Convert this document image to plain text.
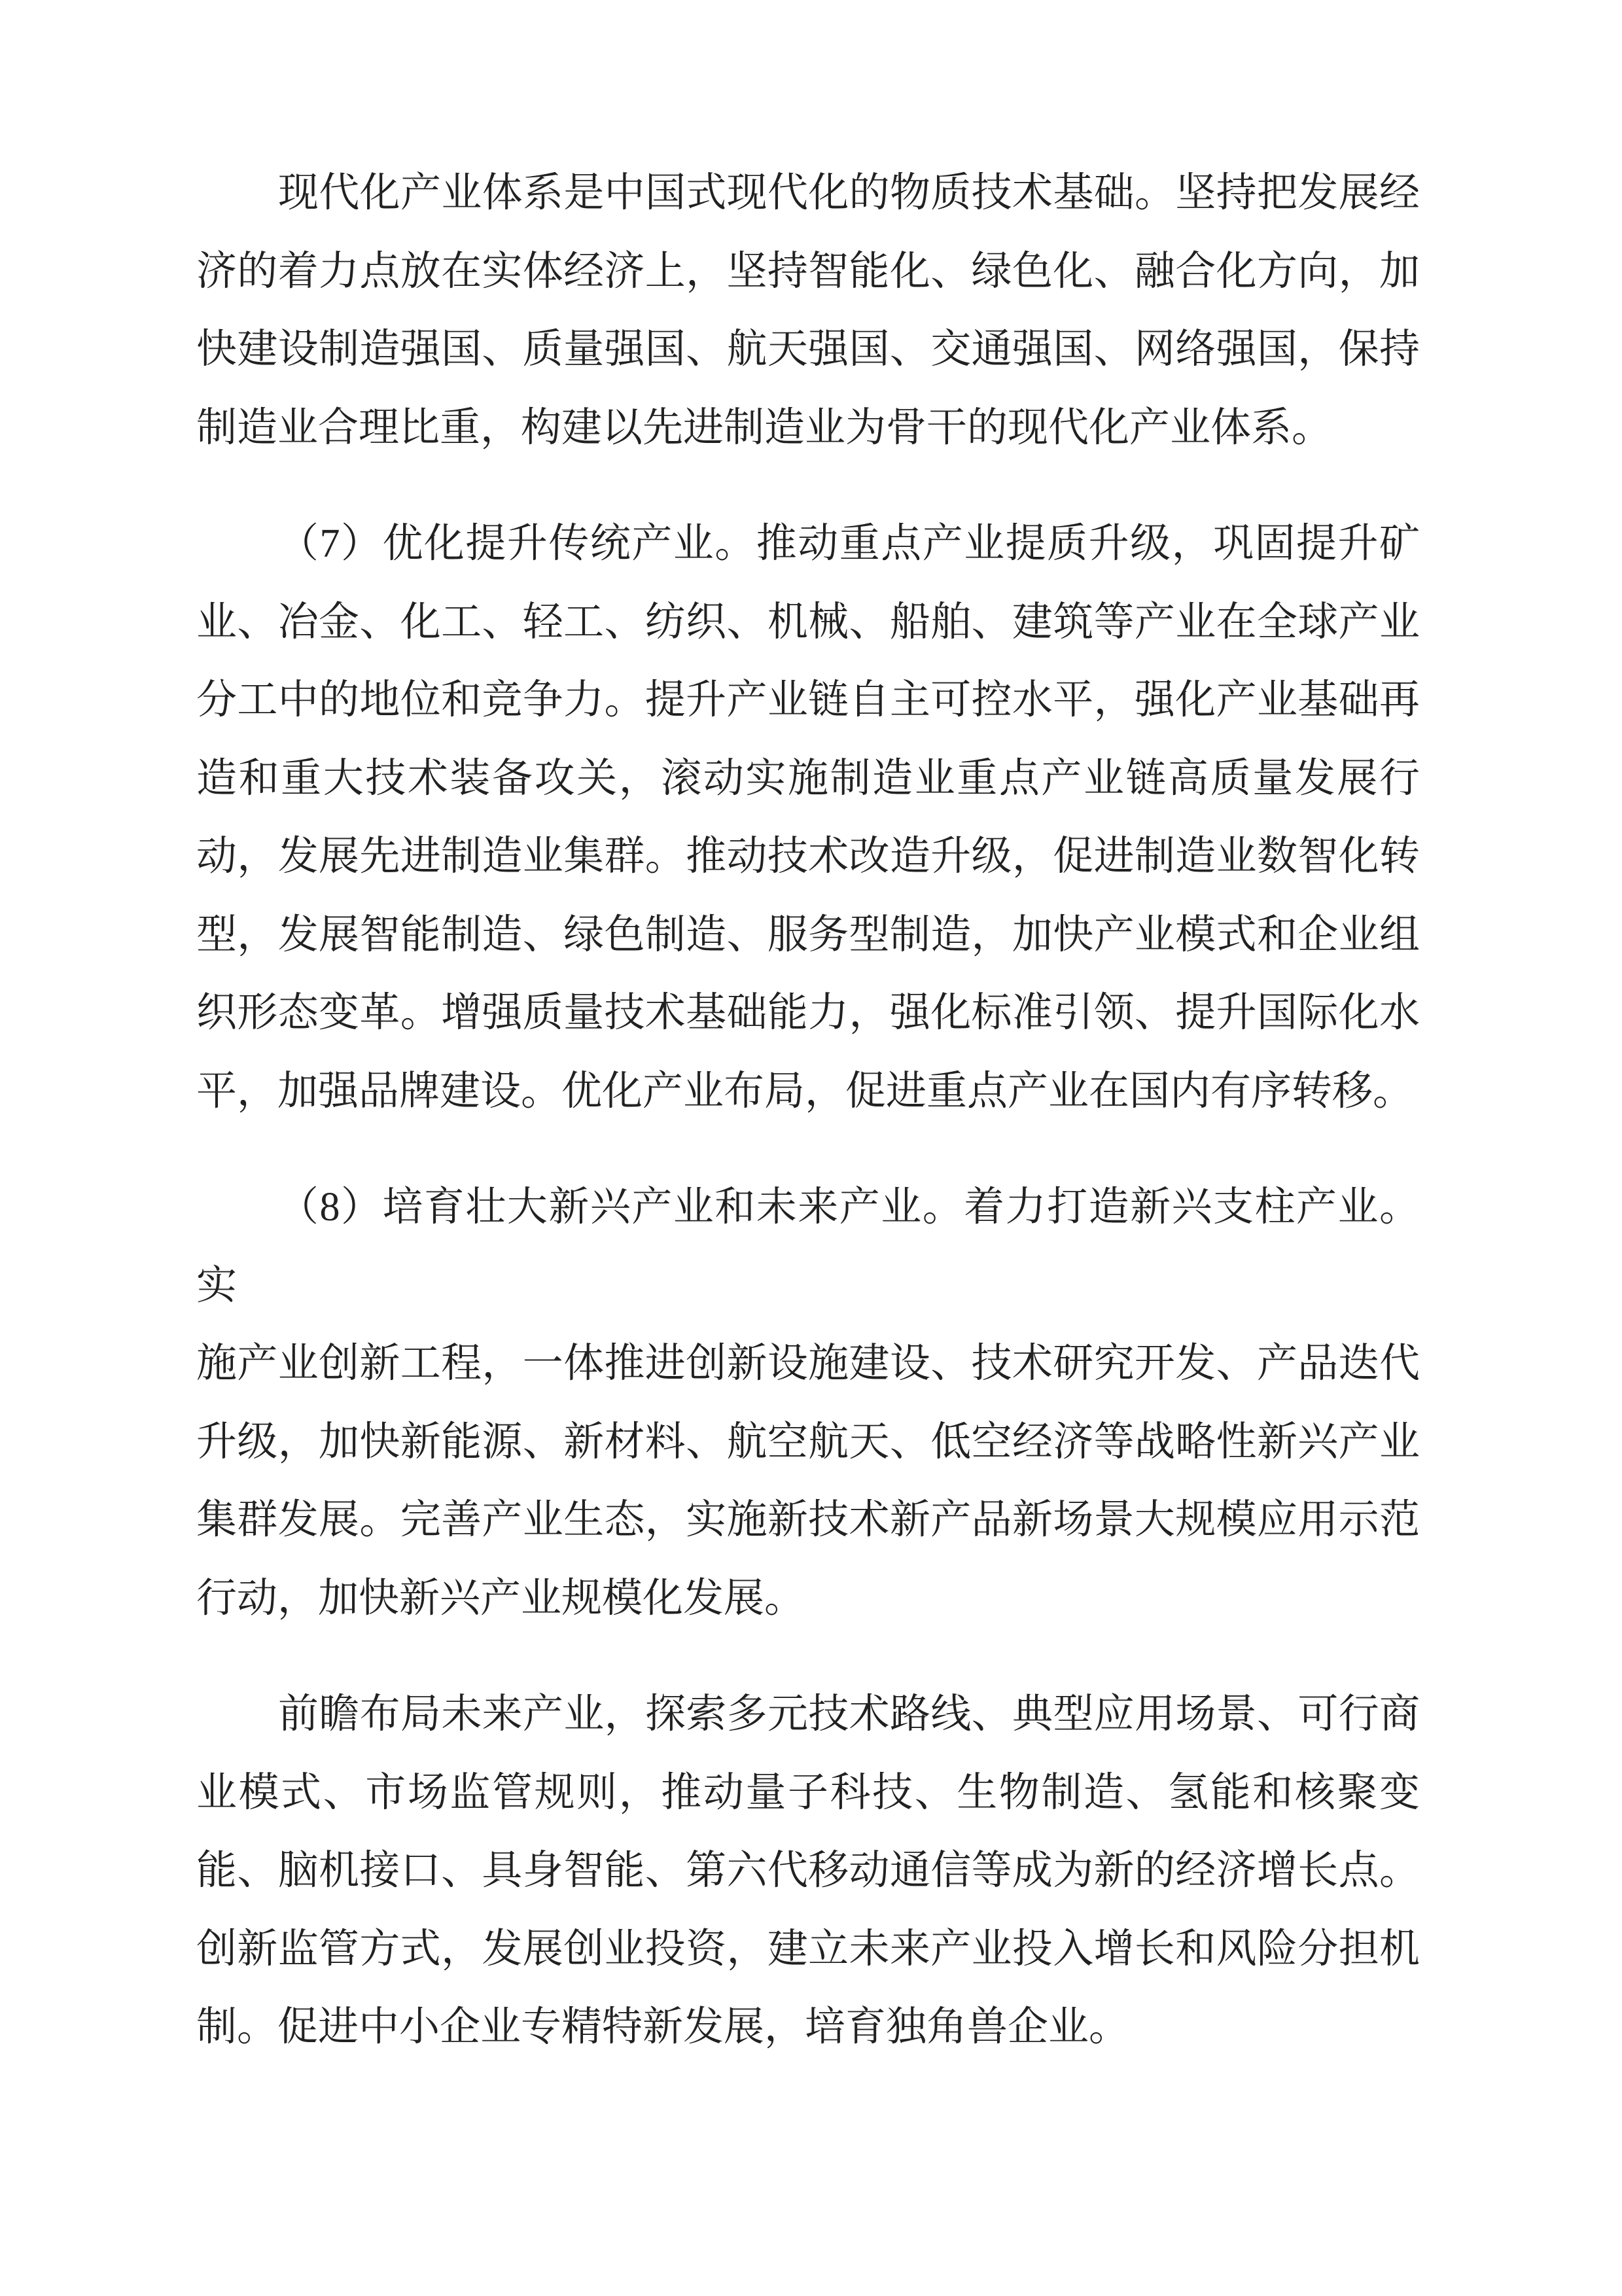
现代化产业体系是中国式现代化的物质技术基础。坚持把发展经
济的着力点放在实体经济上，坚持智能化、绿色化、融合化方向，加
快建设制造强国、质量强国、航天强国、交通强国、网络强国，保持
制造业合理比重，构建以先进制造业为骨干的现代化产业体系。
（7）优化提升传统产业。推动重点产业提质升级，巩固提升矿
业、冶金、化工、轻工、纺织、机械、船舶、建筑等产业在全球产业
分工中的地位和竞争力。提升产业链自主可控水平，强化产业基础再
造和重大技术装备攻关，滚动实施制造业重点产业链高质量发展行
动，发展先进制造业集群。推动技术改造升级，促进制造业数智化转
型，发展智能制造、绿色制造、服务型制造，加快产业模式和企业组
织形态变革。增强质量技术基础能力，强化标准引领、提升国际化水
平，加强品牌建设。优化产业布局，促进重点产业在国内有序转移。
（8）培育壮大新兴产业和未来产业。着力打造新兴支柱产业。实
施产业创新工程，一体推进创新设施建设、技术研究开发、产品迭代
升级，加快新能源、新材料、航空航天、低空经济等战略性新兴产业
集群发展。完善产业生态，实施新技术新产品新场景大规模应用示范
行动，加快新兴产业规模化发展。
前瞻布局未来产业，探索多元技术路线、典型应用场景、可行商
业模式、市场监管规则，推动量子科技、生物制造、氢能和核聚变
能、脑机接口、具身智能、第六代移动通信等成为新的经济增长点。
创新监管方式，发展创业投资，建立未来产业投入增长和风险分担机
制。促进中小企业专精特新发展，培育独角兽企业。
